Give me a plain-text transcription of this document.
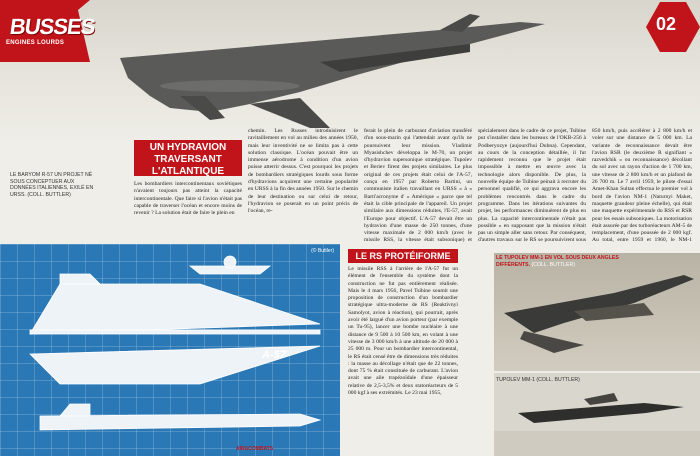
BUSSES
ENGINES LOURDS
02
LE BARYOM R-57 UN PROJET NÉ SOUS CONCEPTUER AUX DONNÉES ITALIENNES, EXILÉ EN URSS. (COLL. BUTTLER)
UN HYDRAVION TRAVERSANT L'ATLANTIQUE

Les bombardiers intercontinentaux soviétiques n'avaient toujours pas atteint la capacité intercontinentale. Que faire si l'avion n'était pas capable de traverser l'océan et encore moins de revenir ? La solution était de faire le plein en

chemin. Les Russes introduisirent le ravitaillement en vol au milieu des années 1950, mais leur inventivité ne se limita pas à cette solution classique. L'océan pouvait être un immense aérodrome à condition d'un avion puisse atterrir dessus. C'est pourquoi les projets de bombardiers stratégiques lourds sous forme d'hydravions acquirent une certaine popularité en URSS à la fin des années 1950. Sur le chemin de leur destination ou sur celui de retour, l'hydravion se poserait en un point précis de l'océan, re-

ferait le plein de carburant d'aviation transféré d'un sous-marin qui l'attendait avant qu'ils ne poursuivent leur mission. Vladimir Myasishchev développa le M-70, un projet d'hydravion supersonique stratégique. Tupolev et Beriev firent des projets similaires. Le plus original de ces projets était celui de l'A-57, conçu en 1957 par Roberto Bartini, un communiste italien travaillant en URSS « à « Barti'acronyme d' « Amérique » parce que tel était la cible principale de l'appareil. Un projet similaire aux dimensions réduites, l'E-57, avait l'Europe pour objectif. L'A-57 devait être un hydravion d'une masse de 250 tonnes, d'une vitesse maximale de 2 000 km/h (avec le missile RSS, la vitesse était subsonique) et

spécialement dans le cadre de ce projet, Tsibine put s'installer dans les bureaux de l'OKB-256 à Podberyozye (aujourd'hui Dubna). Cependant, au cours de la conception détaillée, il fut rapidement reconnu que le projet était impossible à mettre en œuvre avec la technologie alors disponible. De plus, la nouvelle équipe de Tsibine peinait à recruter du personnel qualifié, ce qui aggrava encore les problèmes rencontrés dans le cadre du programme. Dans les itérations suivantes du projet, les performances diminuèrent de plus en plus. La capacité intercontinentale n'était pas possible « en supposant que la mission n'était pas un simple aller sans retour. Par conséquent, d'autres travaux sur le RS se poursuivirent sous

850 km/h, puis accélérer à 2 800 km/h et voler sur une distance de 5 000 km. La variante de reconnaissance devait être l'avion RSR (le deuxième R signifiant « razvedchik » ou reconnaissance) décollant du sol avec un rayon d'action de 1 700 km, une vitesse de 2 800 km/h et un plafond de 26 700 m. Le 7 avril 1959, le pilote d'essai Amet-Khan Sultan effectua le premier vol à bord de l'avion NM-1 (Naturnyi Maket, maquette grandeur pleine échelle), qui était une maquette expérimentale du RSS et RSR pour les essais subsoniques. La motorisation était assurée par des turboréacteurs AM-5 de remplacement, d'une poussée de 2 000 kgf. Au total, entre 1959 et 1960, le NM-1

(© Buttler)
A-57
LE RS PROTÉIFORME

Le missile RSS à l'arrière de l'A-57 fut un élément de l'ensemble du système dont la construction ne fut pas entièrement réalisée. Mais le 4 mars 1956, Pavel Tsibine soumit une proposition de construction d'un bombardier stratégique ultra-moderne de RS (Reaktivnyi Samolyot, avion à réaction), qui pourrait, après avoir été largué d'un avion porteur (par exemple un Tu-95), lancer une bombe nucléaire à une distance de 9 500 à 10 500 km, en volant à une vitesse de 3 000 km/h à une altitude de 20 000 à 25 000 m. Pour un bombardier intercontinental, le RS était censé être de dimensions très réduites : la masse au décollage n'était que de 22 tonnes, dont 75 % était constituée de carburant. L'avion avait une aile trapézoïdale d'une épaisseur relative de 2,5-3,5% et deux statoréacteurs de 5 000 kgf à ses extrémités. Le 23 mai 1955,

LE TUPOLEV MM-1 EN VOL SOUS DEUX ANGLES DIFFÉRENTS. (COLL. BUTTLER)
TUPOLEV MM-1 (COLL. BUTTLER)
AIR&COMBATS
